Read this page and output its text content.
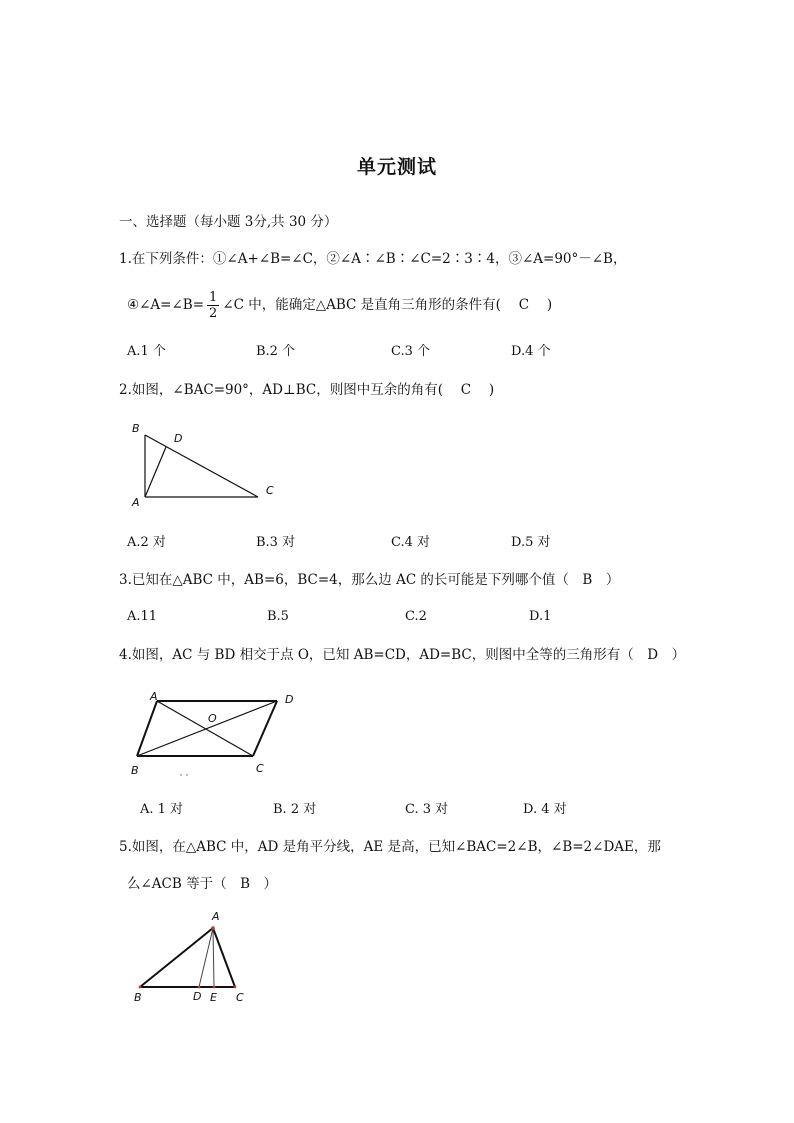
单元测试
一、选择题（每小题 3分,共 30 分）
1.在下列条件：①∠A+∠B=∠C，②∠A∶∠B∶∠C=2∶3∶4，③∠A=90°－∠B，
④∠A=∠B= $\frac{1}{2}$ ∠C 中，能确定△ABC 是直角三角形的条件有(　 C　 )
A.1 个	B.2 个	C.3 个	D.4 个
2.如图，∠BAC=90°，AD⊥BC，则图中互余的角有(　 C　 )
B
D
A
C
A.2 对	B.3 对	C.4 对	D.5 对
3.已知在△ABC 中，AB=6，BC=4，那么边 AC 的长可能是下列哪个值（　B　）
A.11	B.5	C.2	D.1
4.如图，AC 与 BD 相交于点 O，已知 AB=CD，AD=BC，则图中全等的三角形有（　D　）
A	D
O
B	C
A. 1 对	B. 2 对	C. 3 对	D. 4 对
5.如图，在△ABC 中，AD 是角平分线，AE 是高，已知∠BAC=2∠B，∠B=2∠DAE，那
么∠ACB 等于（　B　）
A
B	D E C
